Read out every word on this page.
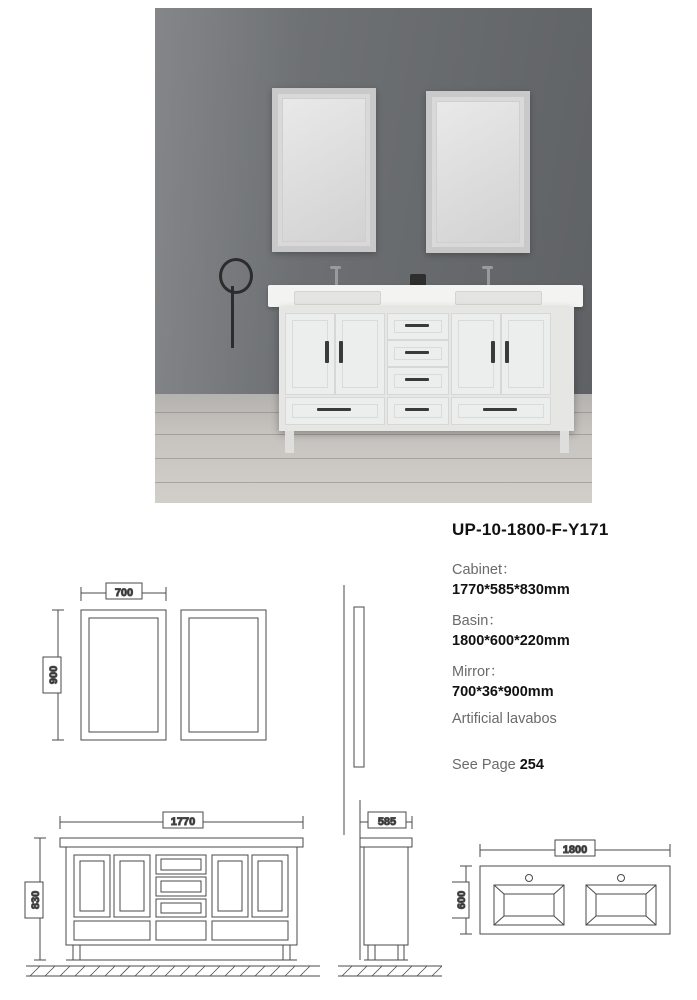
UP-10-1800-F-Y171
Cabinet：
1770*585*830mm
Basin：
1800*600*220mm
Mirror：
700*36*900mm
Artificial lavabos
See Page 254
700
900
1770
830
585
1800
600
